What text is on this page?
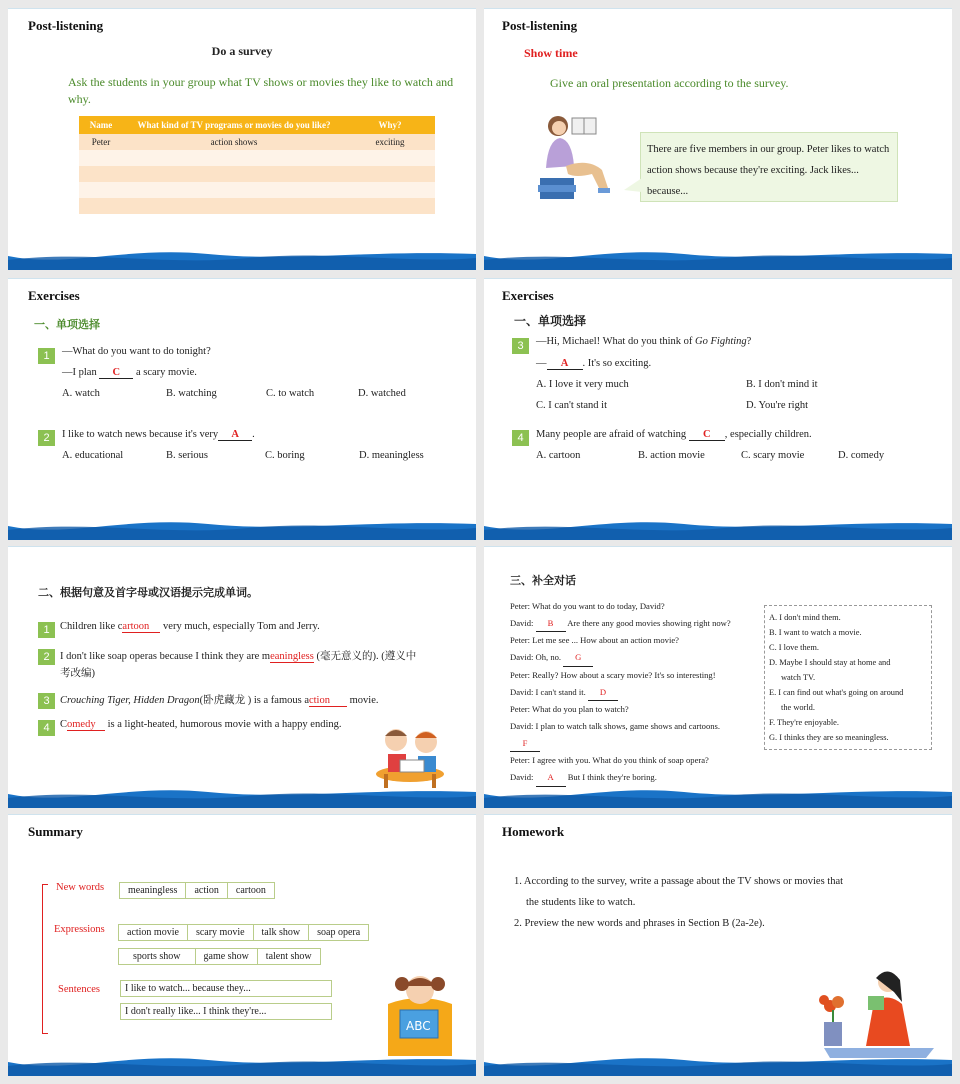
Post-listening
Do a survey
Ask the students in your group what TV shows or movies they like to watch and why.
Name	What kind of TV programs or movies do you like?	Why?
Peter	action shows	exciting

Post-listening
Show time
Give an oral presentation according to the survey.
There are five members in our group. Peter likes to watch action shows because they're exciting. Jack likes... because...
Exercises
一、单项选择
1	—What do you want to do tonight?
—I plan C a scary movie.
A. watch	B. watching	C. to watch	D. watched
2	I like to watch news because it's very A .
A. educational	B. serious	C. boring	D. meaningless
Exercises
一、单项选择
3	—Hi, Michael! What do you think of Go Fighting?
— A . It's so exciting.
A. I love it very much	B. I don't mind it
C. I can't stand it	D. You're right
4	Many people are afraid of watching C , especially children.
A. cartoon	B. action movie	C. scary movie	D. comedy
二、根据句意及首字母或汉语提示完成单词。
1 Children like cartoon very much, especially Tom and Jerry.
2 I don't like soap operas because I think they are meaningless (毫无意义的). (遵义中
考改编)
3 Crouching Tiger, Hidden Dragon(卧虎藏龙 ) is a famous action movie.
4 Comedy is a light-heated, humorous movie with a happy ending.
三、补全对话
Peter: What do you want to do today, David?
David: B Are there any good movies showing right now?
Peter: Let me see ... How about an action movie?
David: Oh, no. G
Peter: Really? How about a scary movie? It's so interesting!
David: I can't stand it. D
Peter: What do you plan to watch?
David: I plan to watch talk shows, game shows and cartoons.
F
Peter: I agree with you. What do you think of soap opera?
David: A But I think they're boring.
A. I don't mind them.
B. I want to watch a movie.
C. I love them.
D. Maybe I should stay at home and
watch TV.
E. I can find out what's going on around
the world.
F. They're enjoyable.
G. I thinks they are so meaningless.
Summary
New words	meaningless action cartoon
Expressions	action movie scary movie talk show soap opera
sports show game show talent show
Sentences	I like to watch... because they...
I don't really like... I think they're...
ABC
Homework
1. According to the survey, write a passage about the TV shows or movies that
the students like to watch.
2. Preview the new words and phrases in Section B (2a-2e).
